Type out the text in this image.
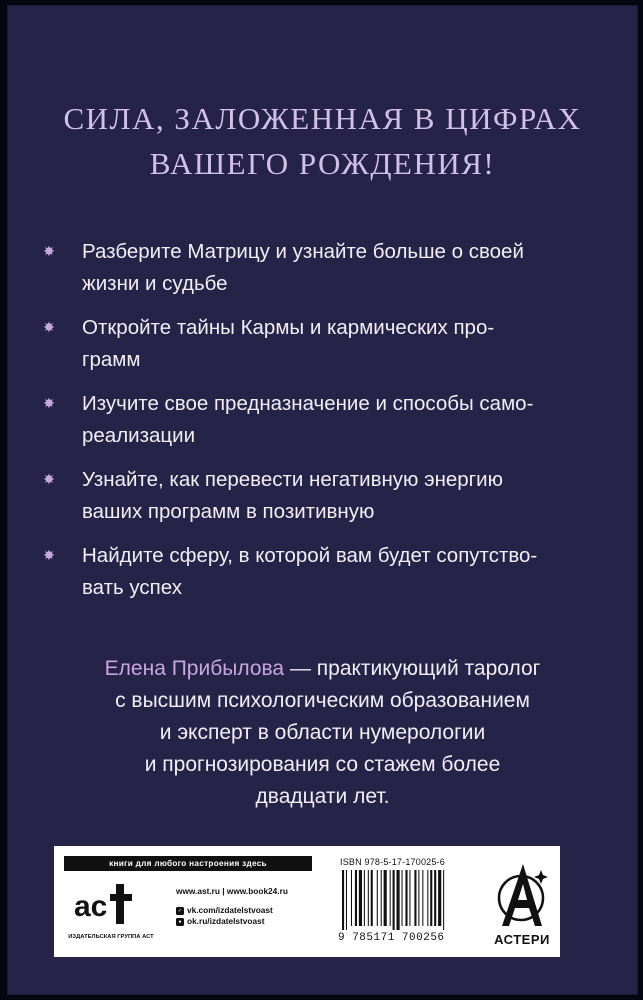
СИЛА, ЗАЛОЖЕННАЯ В ЦИФРАХ
ВАШЕГО РОЖДЕНИЯ!
✸ Разберите Матрицу и узнайте больше о своей
жизни и судьбе
✸ Откройте тайны Кармы и кармических про-
грамм
✸ Изучите свое предназначение и способы само-
реализации
✸ Узнайте, как перевести негативную энергию
ваших программ в позитивную
✸ Найдите сферу, в которой вам будет сопутство-
вать успех
Елена Прибылова — практикующий таролог
с высшим психологическим образованием
и эксперт в области нумерологии
и прогнозирования со стажем более
двадцати лет.
книги для любого настроения здесь
ac
ИЗДАТЕЛЬСКАЯ ГРУППА АСТ
www.ast.ru | www.book24.ru
✓ vk.com/izdatelstvoast
● ok.ru/izdatelstvoast
ISBN 978-5-17-170025-6
9 785171 700256	АСТЕРИ
